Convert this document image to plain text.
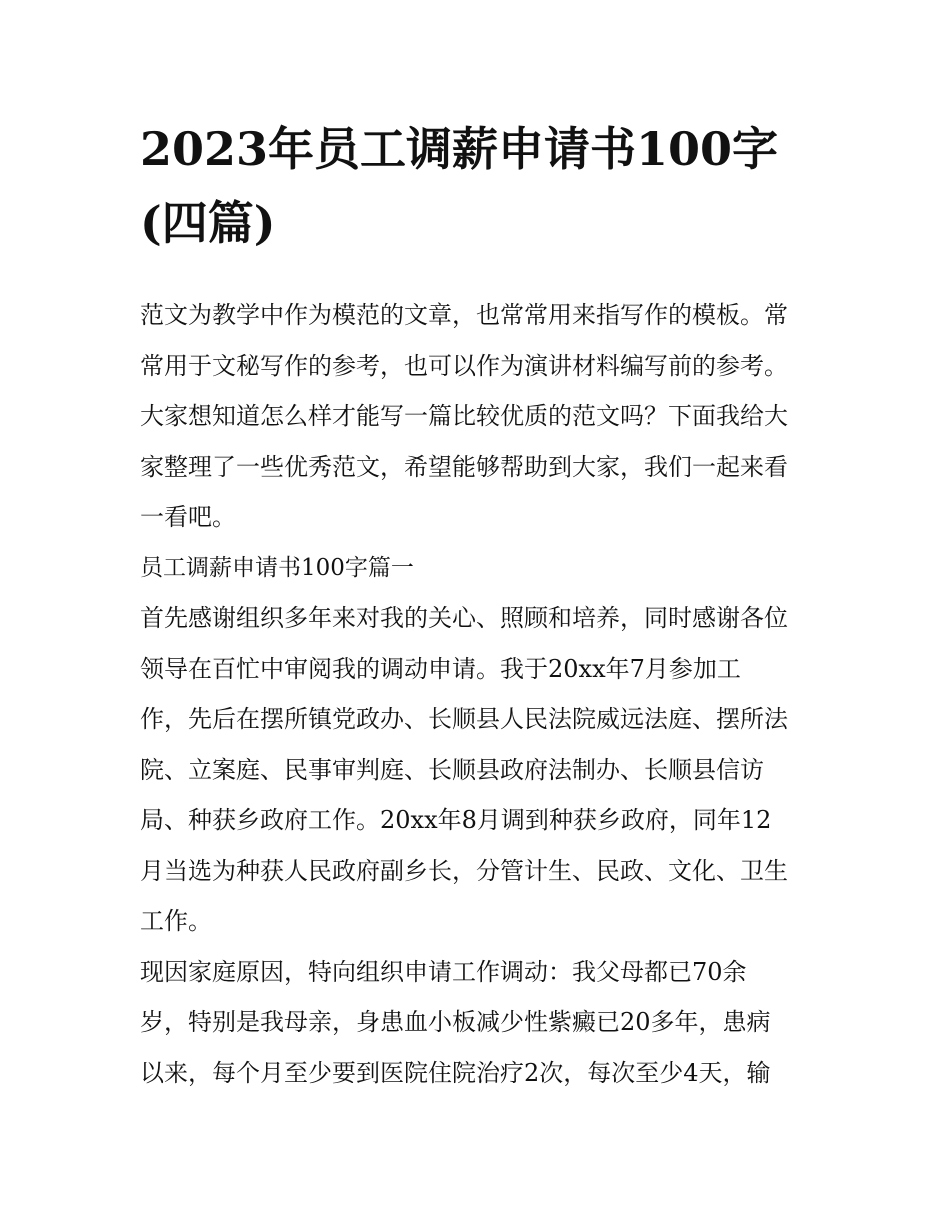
2023年员工调薪申请书100字
(四篇)

范文为教学中作为模范的文章，也常常用来指写作的模板。常
常用于文秘写作的参考，也可以作为演讲材料编写前的参考。
大家想知道怎么样才能写一篇比较优质的范文吗？下面我给大
家整理了一些优秀范文，希望能够帮助到大家，我们一起来看
一看吧。

员工调薪申请书100字篇一

首先感谢组织多年来对我的关心、照顾和培养，同时感谢各位
领导在百忙中审阅我的调动申请。我于20xx年7月参加工
作，先后在摆所镇党政办、长顺县人民法院威远法庭、摆所法
院、立案庭、民事审判庭、长顺县政府法制办、长顺县信访
局、种获乡政府工作。20xx年8月调到种获乡政府，同年12
月当选为种获人民政府副乡长，分管计生、民政、文化、卫生
工作。

现因家庭原因，特向组织申请工作调动：我父母都已70余
岁，特别是我母亲，身患血小板减少性紫癜已20多年，患病
以来，每个月至少要到医院住院治疗2次，每次至少4天，输
